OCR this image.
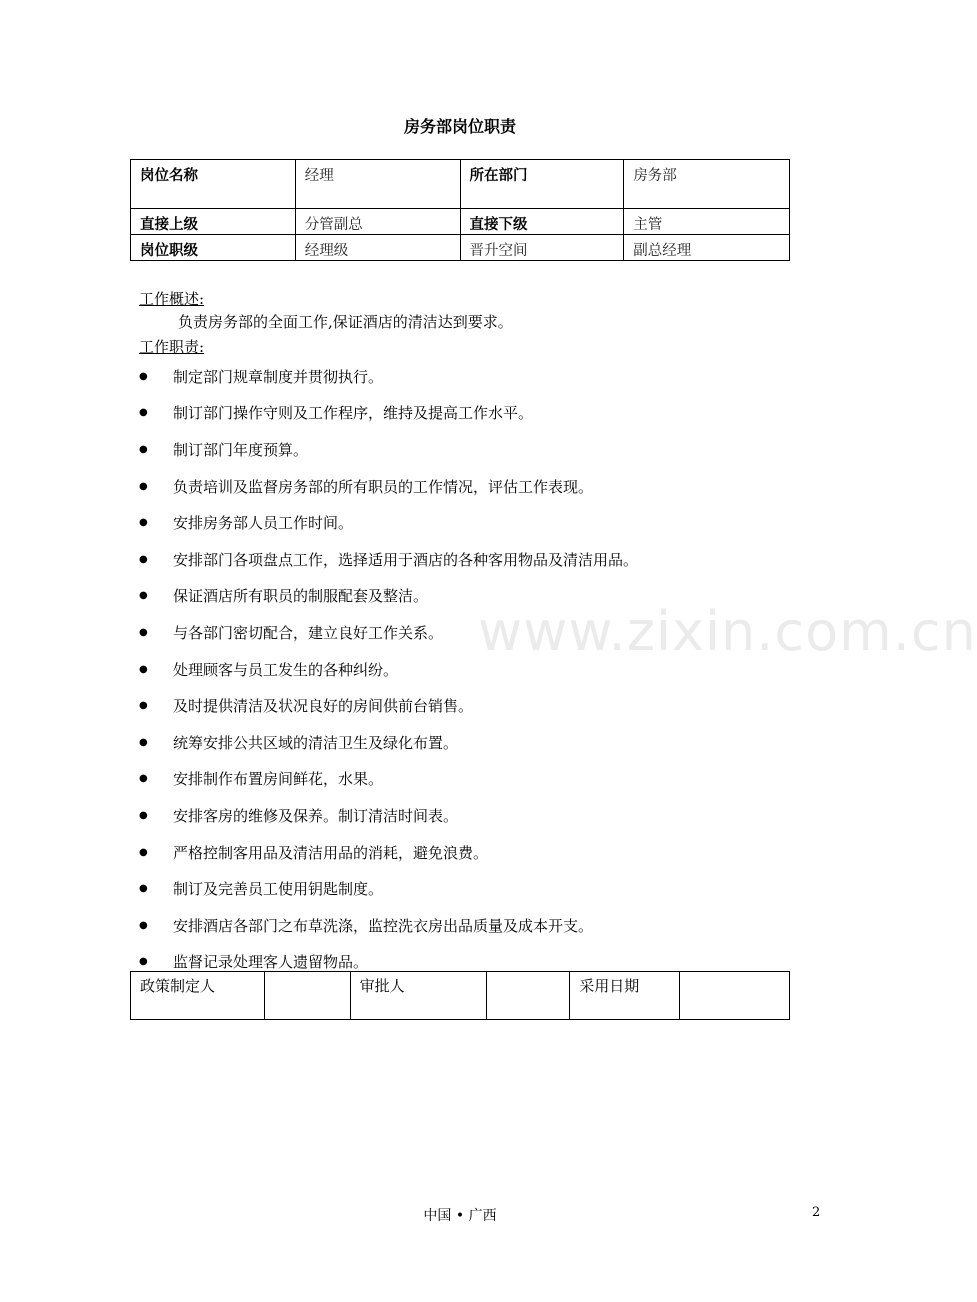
房务部岗位职责
岗位名称	经理	所在部门	房务部
直接上级	分管副总	直接下级	主管
岗位职级	经理级	晋升空间	副总经理
工作概述:
负责房务部的全面工作,保证酒店的清洁达到要求。
工作职责:
●	制定部门规章制度并贯彻执行。
●	制订部门操作守则及工作程序，维持及提高工作水平。
●	制订部门年度预算。
●	负责培训及监督房务部的所有职员的工作情况，评估工作表现。
●	安排房务部人员工作时间。
●	安排部门各项盘点工作，选择适用于酒店的各种客用物品及清洁用品。
●	保证酒店所有职员的制服配套及整洁。
●	与各部门密切配合，建立良好工作关系。
●	处理顾客与员工发生的各种纠纷。
●	及时提供清洁及状况良好的房间供前台销售。
●	统筹安排公共区域的清洁卫生及绿化布置。
●	安排制作布置房间鲜花，水果。
●	安排客房的维修及保养。制订清洁时间表。
●	严格控制客用品及清洁用品的消耗，避免浪费。
●	制订及完善员工使用钥匙制度。
●	安排酒店各部门之布草洗涤，监控洗衣房出品质量及成本开支。
●	监督记录处理客人遗留物品。
www.zixin.com.cn
政策制定人		审批人		采用日期	
中国 • 广西	2
